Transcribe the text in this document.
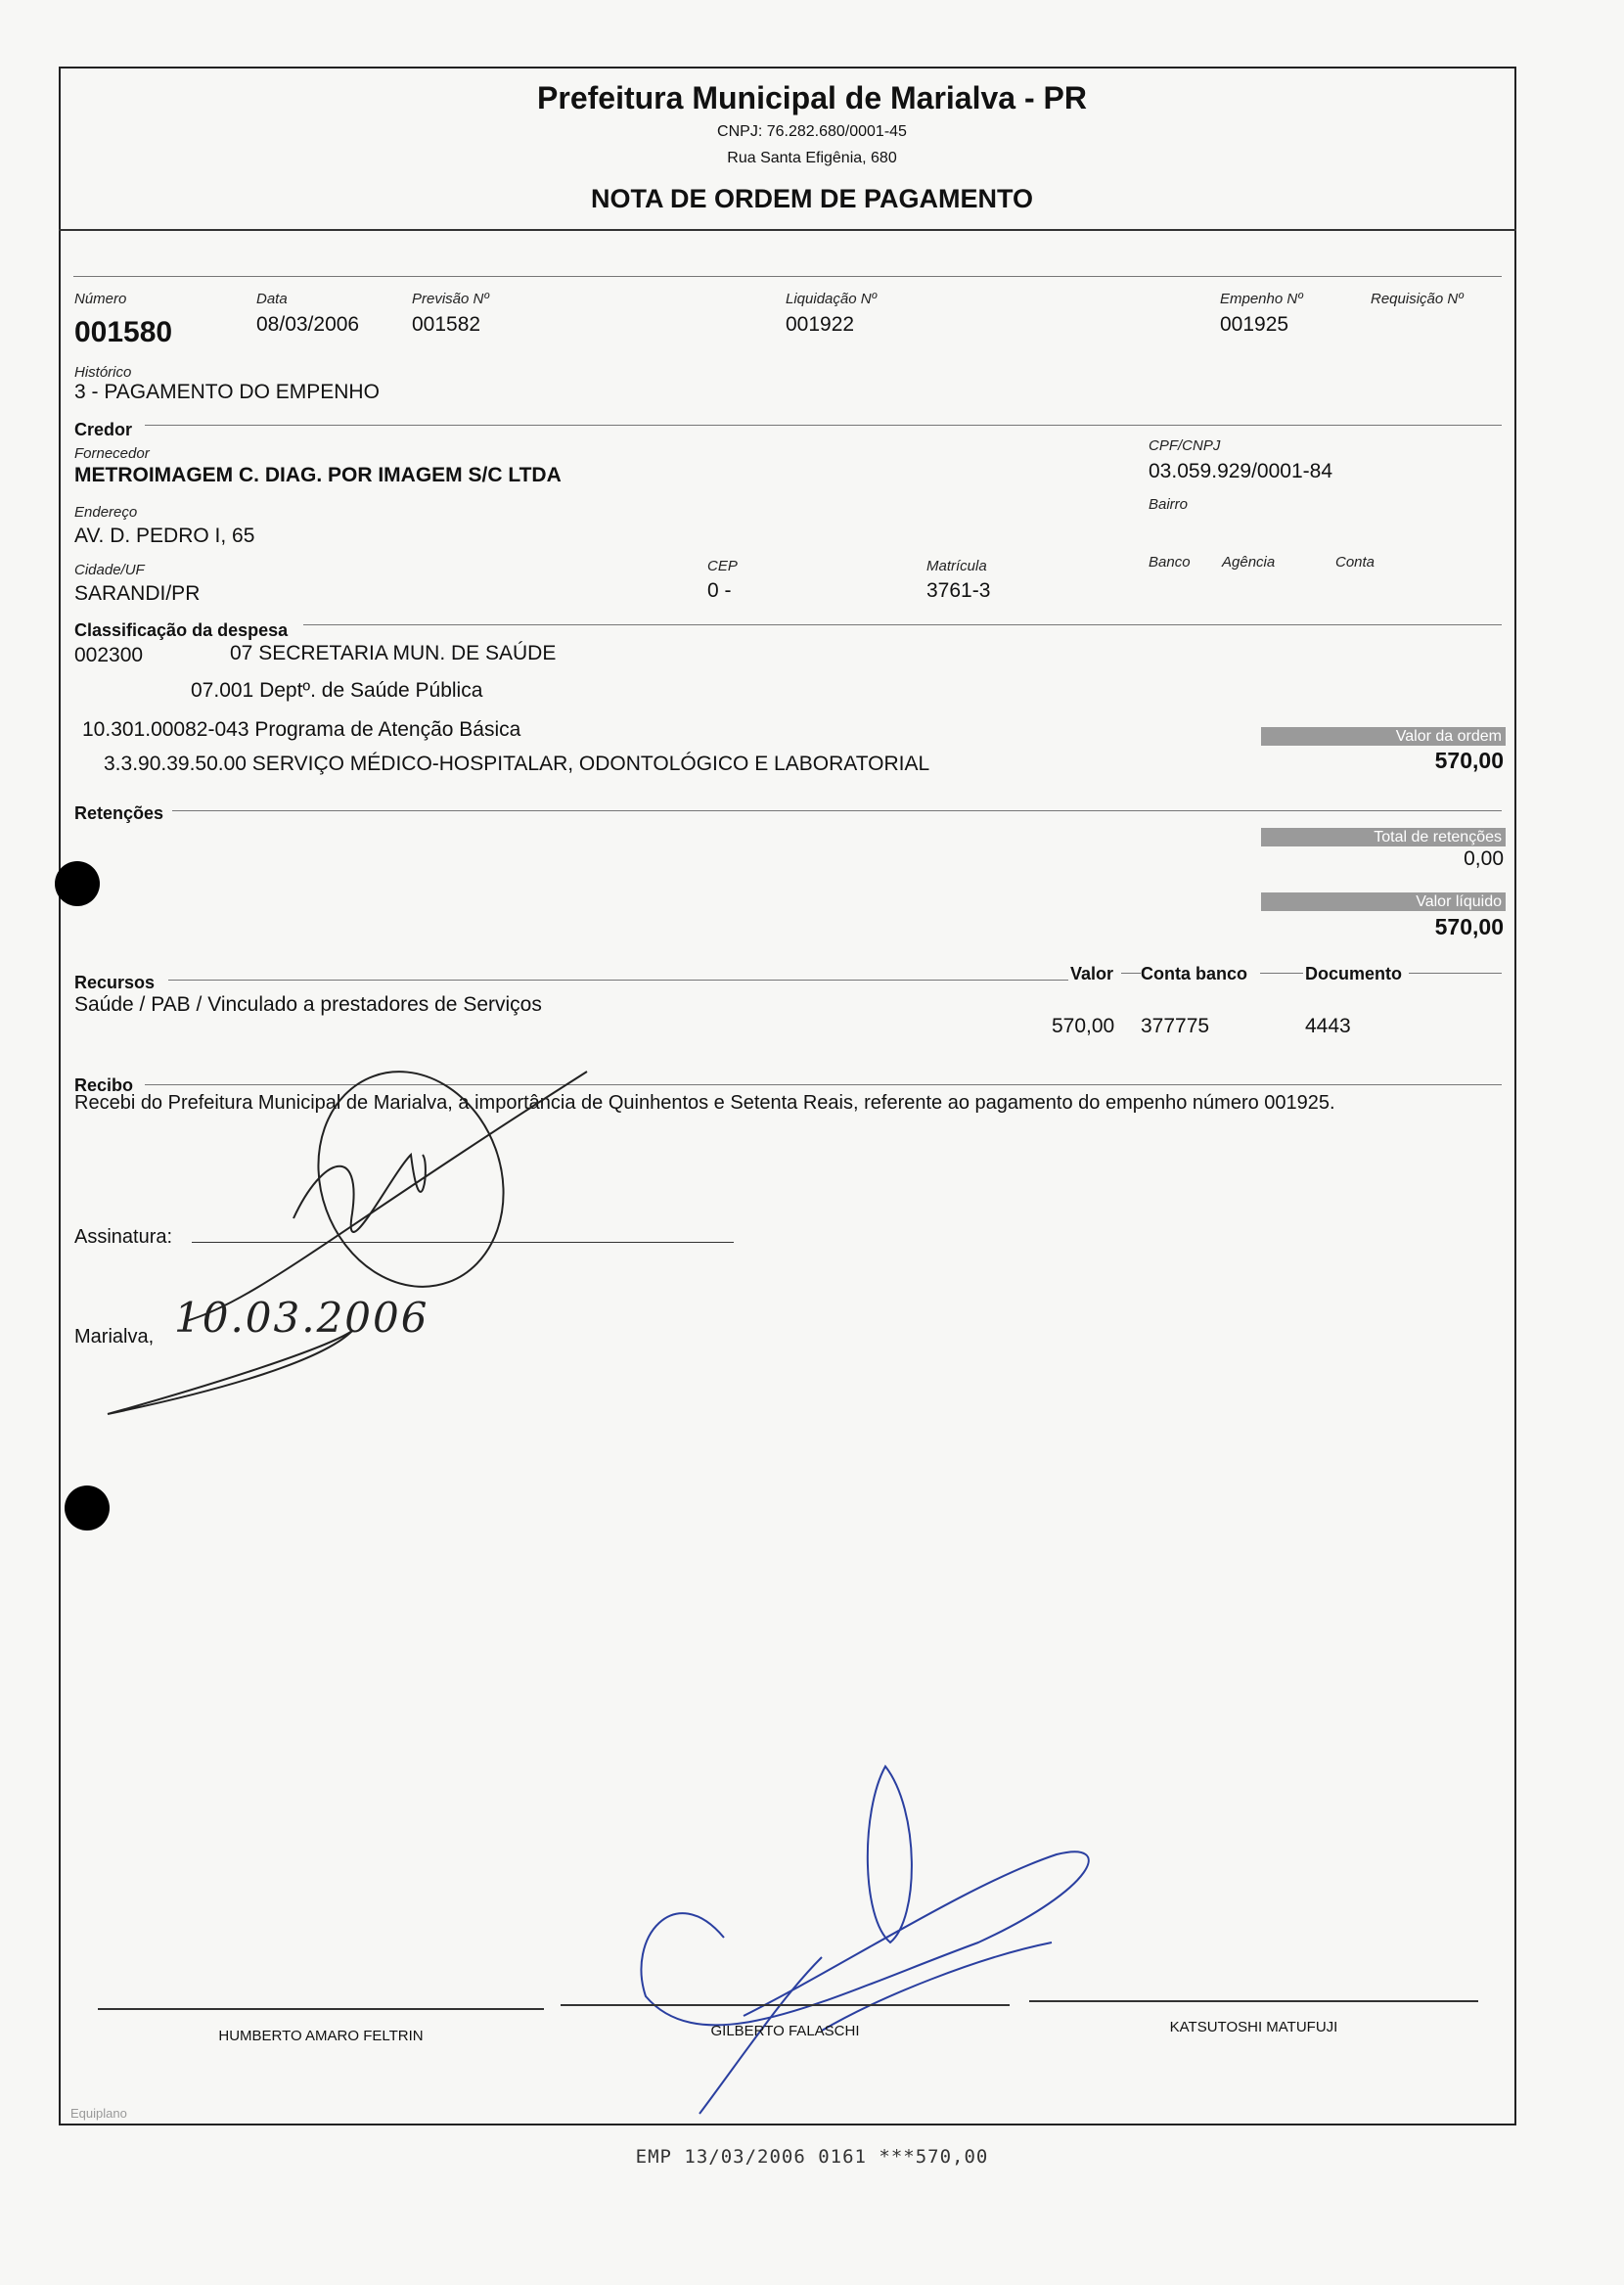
Prefeitura Municipal de Marialva - PR
CNPJ: 76.282.680/0001-45
Rua Santa Efigênia, 680
NOTA DE ORDEM DE PAGAMENTO
Número
001580
Data
08/03/2006
Previsão Nº
001582
Liquidação Nº
001922
Empenho Nº
001925
Requisição Nº
Histórico
3 - PAGAMENTO DO EMPENHO
Credor
Fornecedor
METROIMAGEM C. DIAG. POR IMAGEM S/C LTDA
CPF/CNPJ
03.059.929/0001-84
Endereço
AV. D. PEDRO I, 65
Bairro
Cidade/UF
SARANDI/PR
CEP
0 -
Matrícula
3761-3
Banco Agência	Conta
Classificação da despesa
002300	07 SECRETARIA MUN. DE SAÚDE
07.001 Deptº. de Saúde Pública
10.301.00082-043 Programa de Atenção Básica
3.3.90.39.50.00 SERVIÇO MÉDICO-HOSPITALAR, ODONTOLÓGICO E LABORATORIAL
Valor da ordem
570,00
Retenções
Total de retenções
0,00
Valor líquido
570,00
Recursos	Valor Conta banco	Documento
Saúde / PAB / Vinculado a prestadores de Serviços
570,00 377775	4443
Recibo
Recebi do Prefeitura Municipal de Marialva, a importância de Quinhentos e Setenta Reais, referente ao pagamento do empenho número 001925.
Assinatura:
Marialva, 10.03.2006
HUMBERTO AMARO FELTRIN	GILBERTO FALASCHI	KATSUTOSHI MATUFUJI
Equiplano
EMP 13/03/2006 0161 ***570,00
